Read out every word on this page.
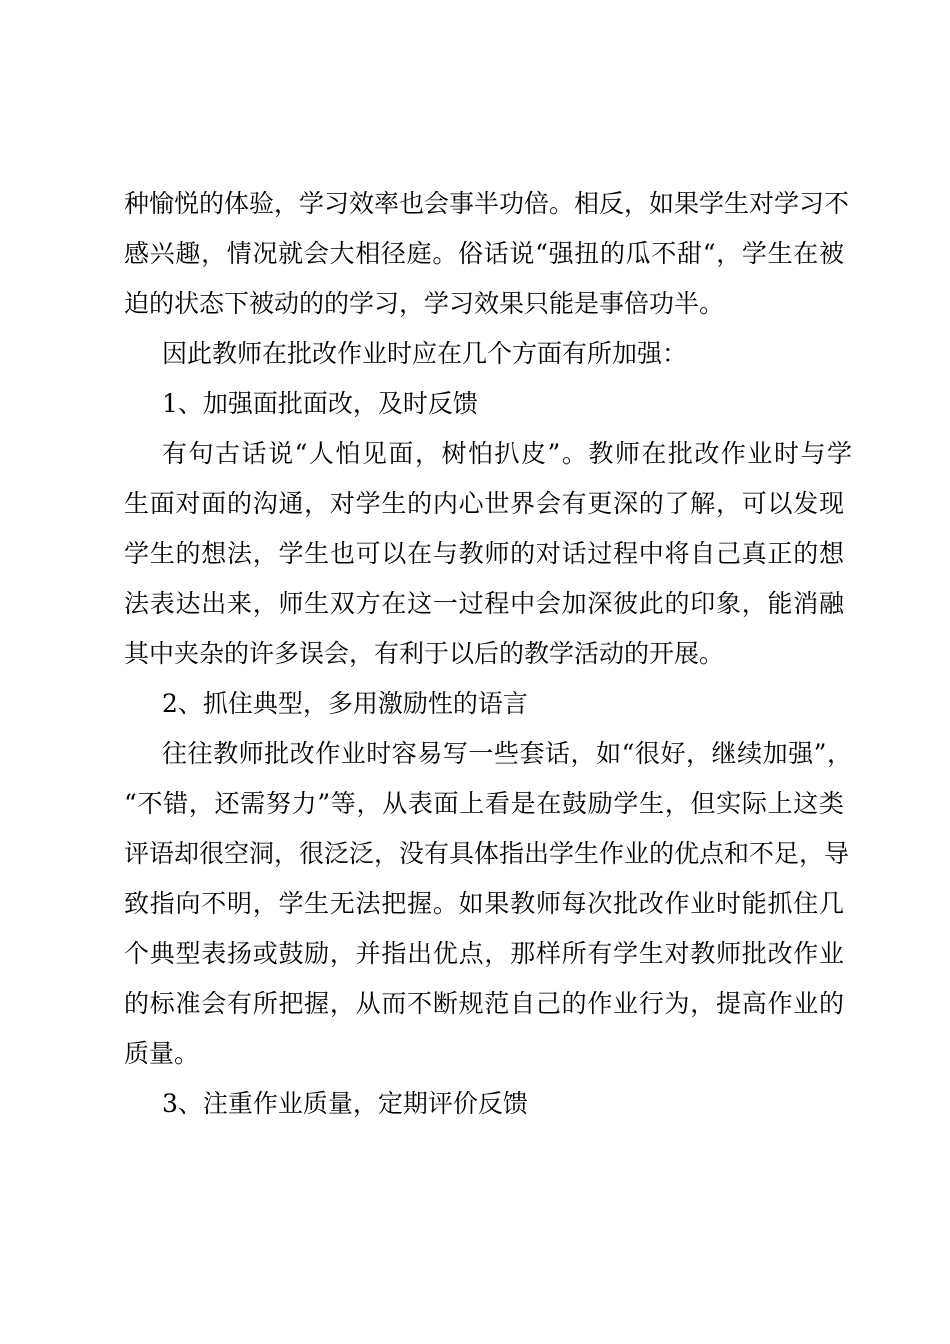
种愉悦的体验，学习效率也会事半功倍。相反，如果学生对学习不
感兴趣，情况就会大相径庭。俗话说“强扭的瓜不甜“，学生在被
迫的状态下被动的的学习，学习效果只能是事倍功半。
因此教师在批改作业时应在几个方面有所加强：
1、加强面批面改，及时反馈
有句古话说“人怕见面，树怕扒皮”。教师在批改作业时与学
生面对面的沟通，对学生的内心世界会有更深的了解，可以发现
学生的想法，学生也可以在与教师的对话过程中将自己真正的想
法表达出来，师生双方在这一过程中会加深彼此的印象，能消融
其中夹杂的许多误会，有利于以后的教学活动的开展。
2、抓住典型，多用激励性的语言
往往教师批改作业时容易写一些套话，如“很好，继续加强”，
“不错，还需努力”等，从表面上看是在鼓励学生，但实际上这类
评语却很空洞，很泛泛，没有具体指出学生作业的优点和不足，导
致指向不明，学生无法把握。如果教师每次批改作业时能抓住几
个典型表扬或鼓励，并指出优点，那样所有学生对教师批改作业
的标准会有所把握，从而不断规范自己的作业行为，提高作业的
质量。
3、注重作业质量，定期评价反馈
